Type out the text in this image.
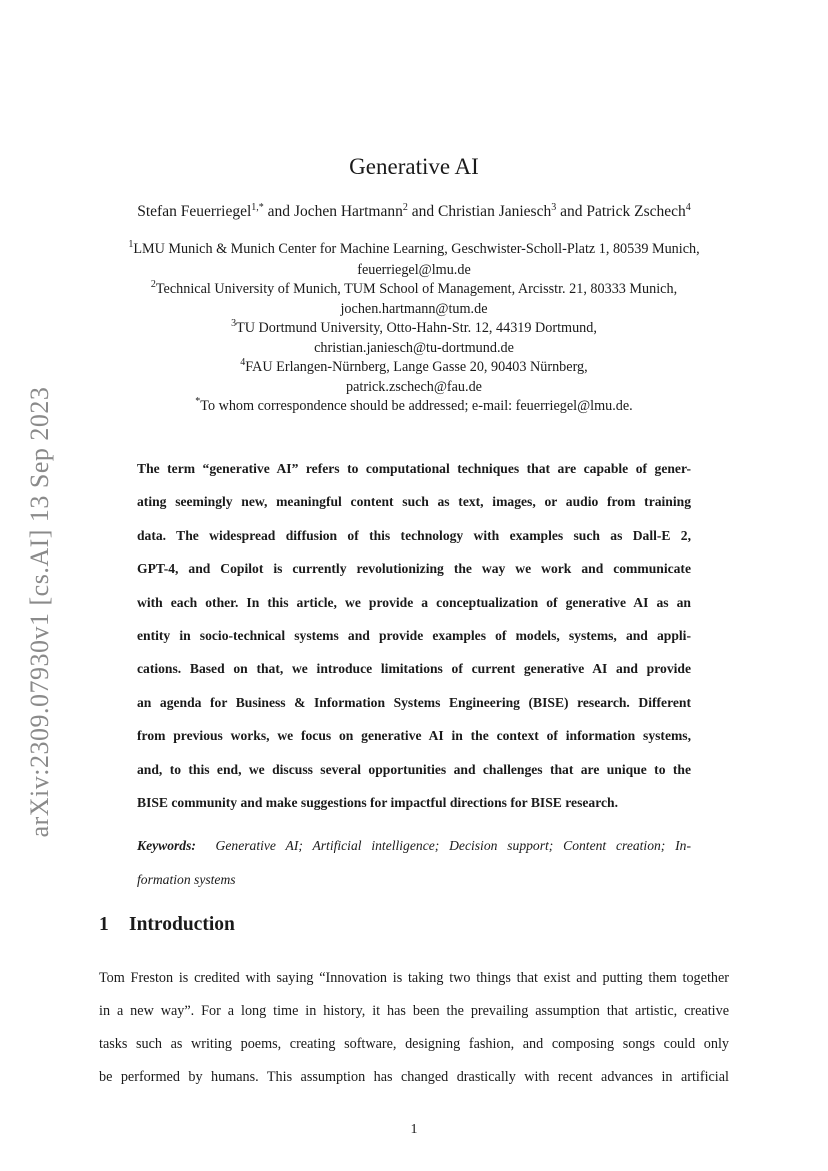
arXiv:2309.07930v1 [cs.AI] 13 Sep 2023
Generative AI
Stefan Feuerriegel$^{1,*}$ and Jochen Hartmann$^2$ and Christian Janiesch$^3$ and Patrick Zschech$^4$
$^1$LMU Munich & Munich Center for Machine Learning, Geschwister-Scholl-Platz 1, 80539 Munich,
feuerriegel@lmu.de
$^2$Technical University of Munich, TUM School of Management, Arcisstr. 21, 80333 Munich,
jochen.hartmann@tum.de
$^3$TU Dortmund University, Otto-Hahn-Str. 12, 44319 Dortmund,
christian.janiesch@tu-dortmund.de
$^4$FAU Erlangen-Nürnberg, Lange Gasse 20, 90403 Nürnberg,
patrick.zschech@fau.de
*To whom correspondence should be addressed; e-mail: feuerriegel@lmu.de.
The term “generative AI” refers to computational techniques that are capable of gener-
ating seemingly new, meaningful content such as text, images, or audio from training
data. The widespread diffusion of this technology with examples such as Dall-E 2,
GPT-4, and Copilot is currently revolutionizing the way we work and communicate
with each other. In this article, we provide a conceptualization of generative AI as an
entity in socio-technical systems and provide examples of models, systems, and appli-
cations. Based on that, we introduce limitations of current generative AI and provide
an agenda for Business & Information Systems Engineering (BISE) research. Different
from previous works, we focus on generative AI in the context of information systems,
and, to this end, we discuss several opportunities and challenges that are unique to the
BISE community and make suggestions for impactful directions for BISE research.
Keywords: Generative AI; Artificial intelligence; Decision support; Content creation; In-
formation systems
1 Introduction
Tom Freston is credited with saying “Innovation is taking two things that exist and putting them together
in a new way”. For a long time in history, it has been the prevailing assumption that artistic, creative
tasks such as writing poems, creating software, designing fashion, and composing songs could only
be performed by humans. This assumption has changed drastically with recent advances in artificial
1
